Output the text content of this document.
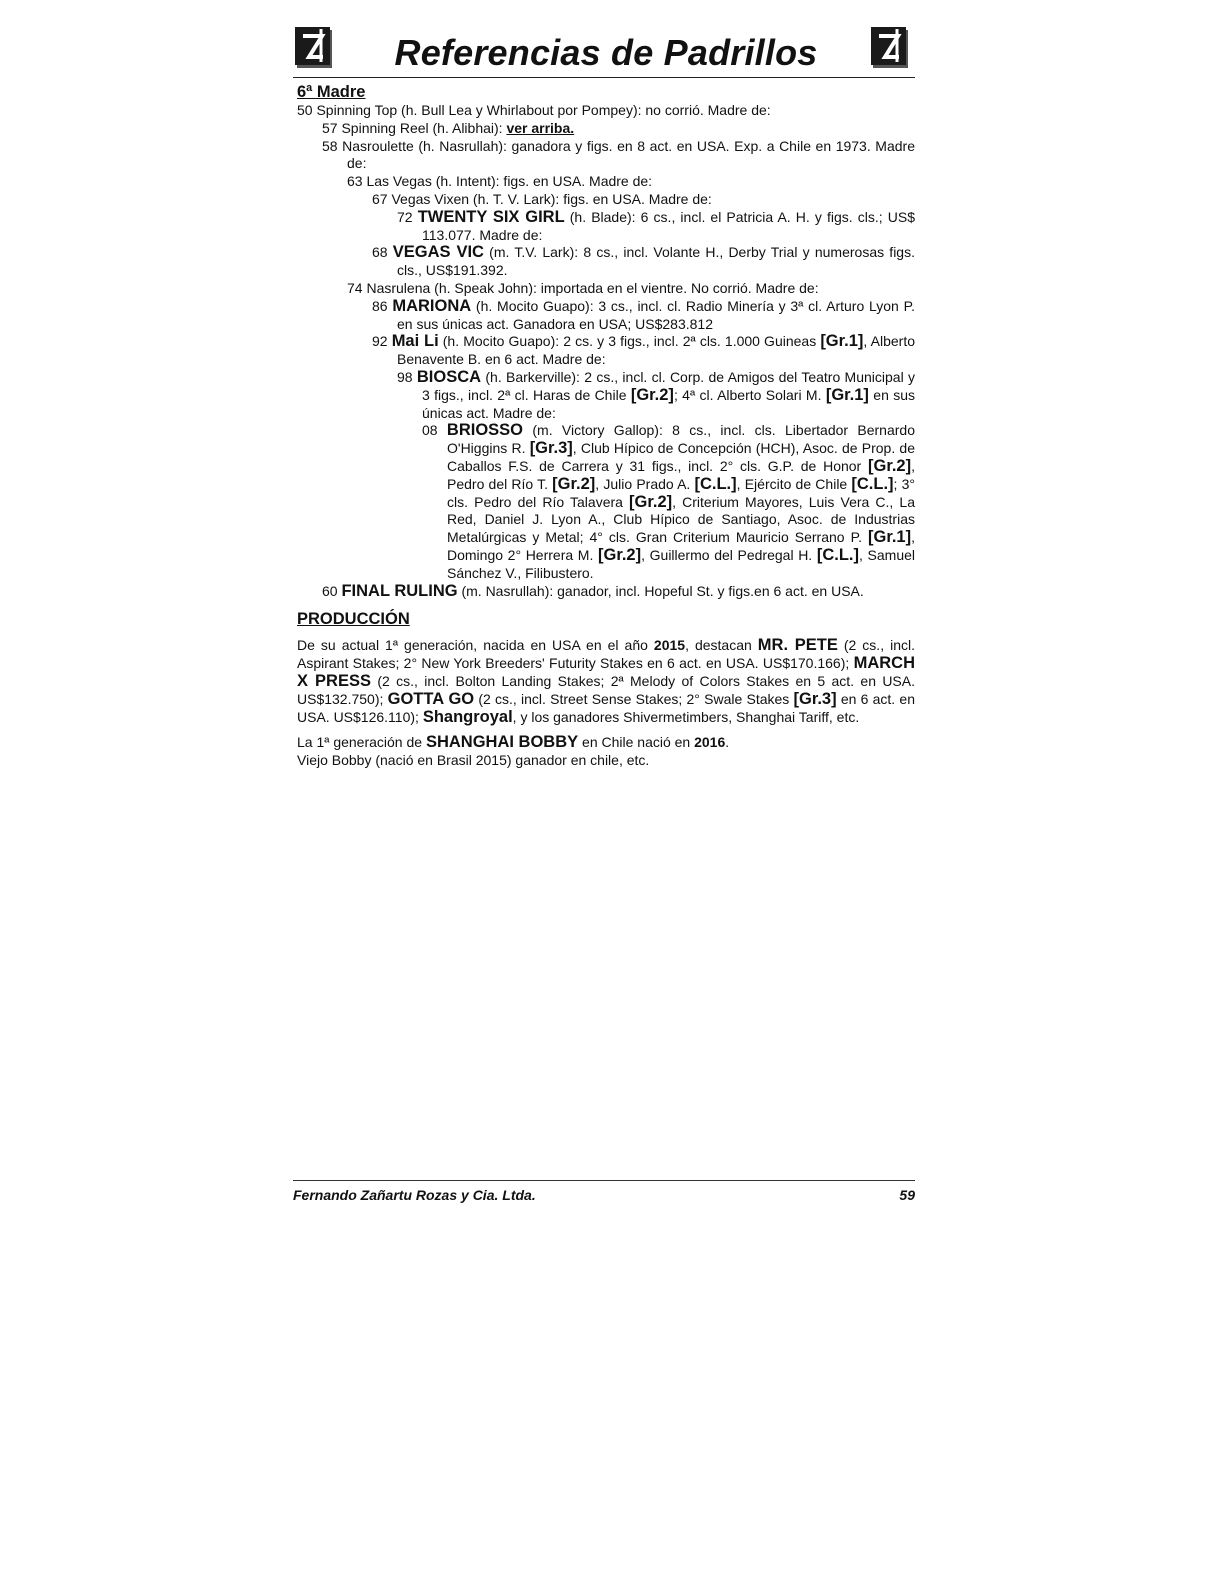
Referencias de Padrillos
6ª Madre
50 Spinning Top (h. Bull Lea y Whirlabout por Pompey): no corrió. Madre de:
57 Spinning Reel (h. Alibhai): ver arriba.
58 Nasroulette (h. Nasrullah): ganadora y figs. en 8 act. en USA. Exp. a Chile en 1973. Madre de:
63 Las Vegas (h. Intent): figs. en USA. Madre de:
67 Vegas Vixen (h. T. V. Lark): figs. en USA. Madre de:
72 TWENTY SIX GIRL (h. Blade): 6 cs., incl. el Patricia A. H. y figs. cls.; US$ 113.077. Madre de:
68 VEGAS VIC (m. T.V. Lark): 8 cs., incl. Volante H., Derby Trial y numerosas figs. cls., US$191.392.
74 Nasrulena (h. Speak John): importada en el vientre. No corrió. Madre de:
86 MARIONA (h. Mocito Guapo): 3 cs., incl. cl. Radio Minería y 3ª cl. Arturo Lyon P. en sus únicas act. Ganadora en USA; US$283.812
92 Mai Li (h. Mocito Guapo): 2 cs. y 3 figs., incl. 2ª cls. 1.000 Guineas [Gr.1], Alberto Benavente B. en 6 act. Madre de:
98 BIOSCA (h. Barkerville): 2 cs., incl. cl. Corp. de Amigos del Teatro Municipal y 3 figs., incl. 2ª cl. Haras de Chile [Gr.2]; 4ª cl. Alberto Solari M. [Gr.1] en sus únicas act. Madre de:
08 BRIOSSO (m. Victory Gallop): 8 cs., incl. cls. Libertador Bernardo O'Higgins R. [Gr.3], Club Hípico de Concepción (HCH), Asoc. de Prop. de Caballos F.S. de Carrera y 31 figs., incl. 2° cls. G.P. de Honor [Gr.2], Pedro del Río T. [Gr.2], Julio Prado A. [C.L.], Ejército de Chile [C.L.]; 3° cls. Pedro del Río Talavera [Gr.2], Criterium Mayores, Luis Vera C., La Red, Daniel J. Lyon A., Club Hípico de Santiago, Asoc. de Industrias Metalúrgicas y Metal; 4° cls. Gran Criterium Mauricio Serrano P. [Gr.1], Domingo 2° Herrera M. [Gr.2], Guillermo del Pedregal H. [C.L.], Samuel Sánchez V., Filibustero.
60 FINAL RULING (m. Nasrullah): ganador, incl. Hopeful St. y figs.en 6 act. en USA.
PRODUCCIÓN
De su actual 1ª generación, nacida en USA en el año 2015, destacan MR. PETE (2 cs., incl. Aspirant Stakes; 2° New York Breeders' Futurity Stakes en 6 act. en USA. US$170.166); MARCH X PRESS (2 cs., incl. Bolton Landing Stakes; 2ª Melody of Colors Stakes en 5 act. en USA. US$132.750); GOTTA GO (2 cs., incl. Street Sense Stakes; 2° Swale Stakes [Gr.3] en 6 act. en USA. US$126.110); Shangroyal, y los ganadores Shivermetimbers, Shanghai Tariff, etc.
La 1ª generación de SHANGHAI BOBBY en Chile nació en 2016.
Viejo Bobby (nació en Brasil 2015) ganador en chile, etc.
Fernando Zañartu Rozas y Cia. Ltda.	59
